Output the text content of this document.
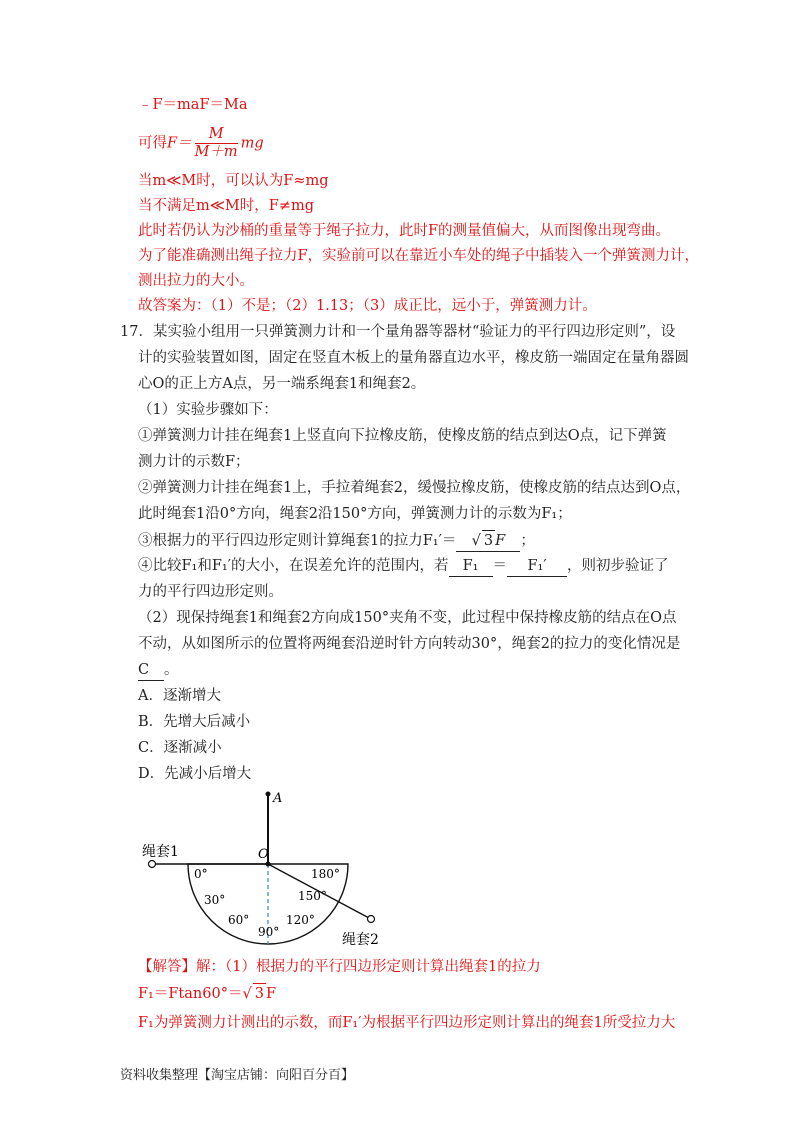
﹣F＝maF＝Ma
可得$F= \frac{M}{M+m}$ mg
当m≪M时，可以认为F≈mg
当不满足m≪M时，F≠mg
此时若仍认为沙桶的重量等于绳子拉力，此时F的测量值偏大，从而图像出现弯曲。
为了能准确测出绳子拉力F，实验前可以在靠近小车处的绳子中插装入一个弹簧测力计，
测出拉力的大小。
故答案为：（1）不是；（2）1.13；（3）成正比，远小于，弹簧测力计。
17．某实验小组用一只弹簧测力计和一个量角器等器材“验证力的平行四边形定则”，设
计的实验装置如图，固定在竖直木板上的量角器直边水平，橡皮筋一端固定在量角器圆
心O的正上方A点，另一端系绳套1和绳套2。
（1）实验步骤如下：
①弹簧测力计挂在绳套1上竖直向下拉橡皮筋，使橡皮筋的结点到达O点，记下弹簧
测力计的示数F；
②弹簧测力计挂在绳套1上，手拉着绳套2，缓慢拉橡皮筋，使橡皮筋的结点达到O点，
此时绳套1沿0°方向，绳套2沿150°方向，弹簧测力计的示数为F₁；
③根据力的平行四边形定则计算绳套1的拉力F₁′＝ √ 3 F ；
④比较F₁和F₁′的大小，在误差允许的范围内，若 F₁ ＝ F₁′ ，则初步验证了
力的平行四边形定则。
（2）现保持绳套1和绳套2方向成150°夹角不变，此过程中保持橡皮筋的结点在O点
不动，从如图所示的位置将两绳套沿逆时针方向转动30°，绳套2的拉力的变化情况是
C 。
A．逐渐增大
B．先增大后减小
C．逐渐减小
D．先减小后增大
A
O
绳套1
绳套2
0°
30°
60°
90°
120°
150°
180°
【解答】解：（1）根据力的平行四边形定则计算出绳套1的拉力
F₁＝Ftan60°＝√ 3 F
F₁为弹簧测力计测出的示数，而F₁′为根据平行四边形定则计算出的绳套1所受拉力大
资料收集整理【淘宝店铺：向阳百分百】
